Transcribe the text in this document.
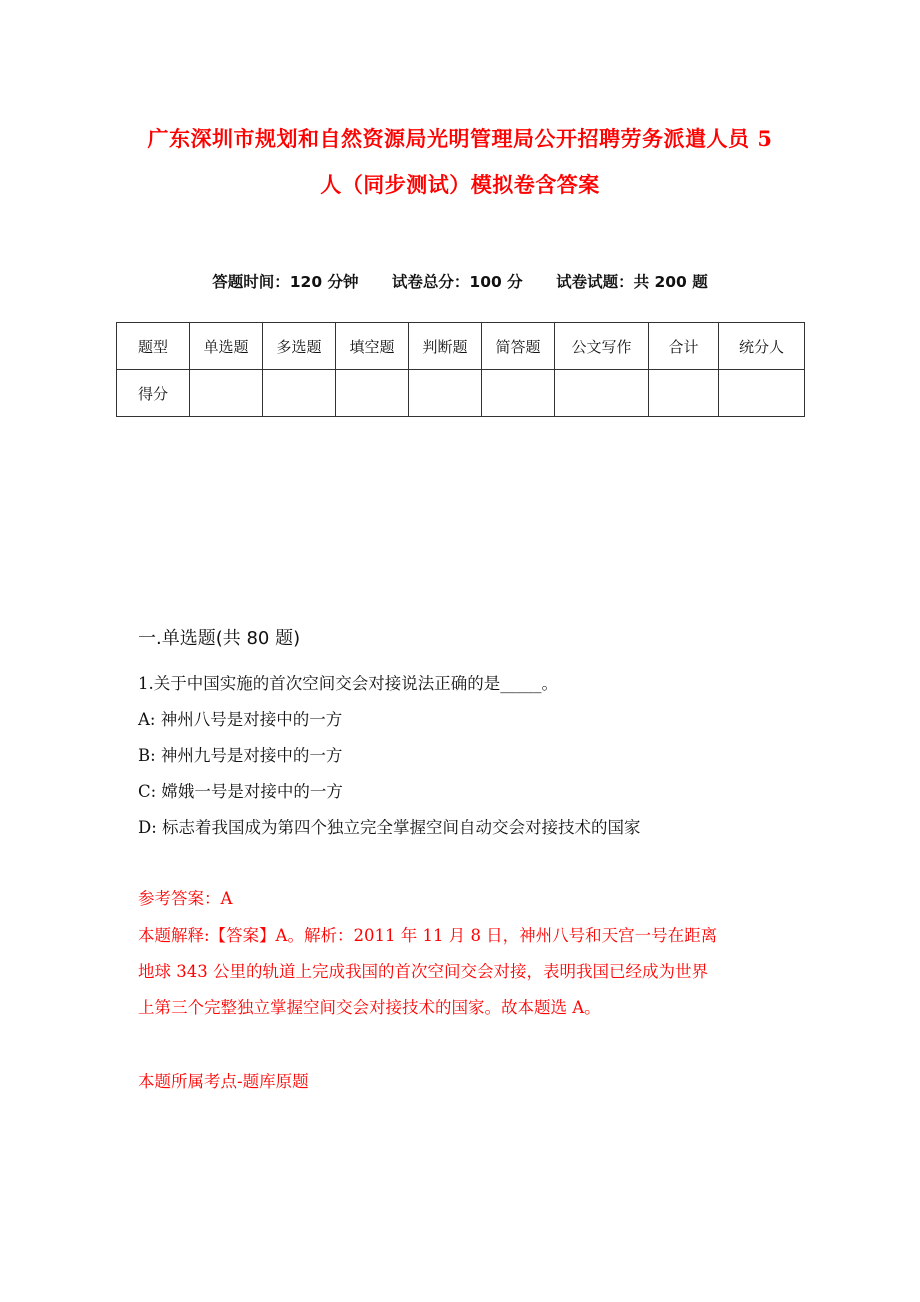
广东深圳市规划和自然资源局光明管理局公开招聘劳务派遣人员 5
人（同步测试）模拟卷含答案
答题时间：120 分钟 试卷总分：100 分 试卷试题：共 200 题
题型	单选题	多选题	填空题	判断题	简答题	公文写作	合计	统分人
得分								
一.单选题(共 80 题)
1.关于中国实施的首次空间交会对接说法正确的是_____。
A: 神州八号是对接中的一方
B: 神州九号是对接中的一方
C: 嫦娥一号是对接中的一方
D: 标志着我国成为第四个独立完全掌握空间自动交会对接技术的国家
参考答案：A
本题解释:【答案】A。解析：2011 年 11 月 8 日，神州八号和天宫一号在距离
地球 343 公里的轨道上完成我国的首次空间交会对接，表明我国已经成为世界
上第三个完整独立掌握空间交会对接技术的国家。故本题选 A。
本题所属考点-题库原题
